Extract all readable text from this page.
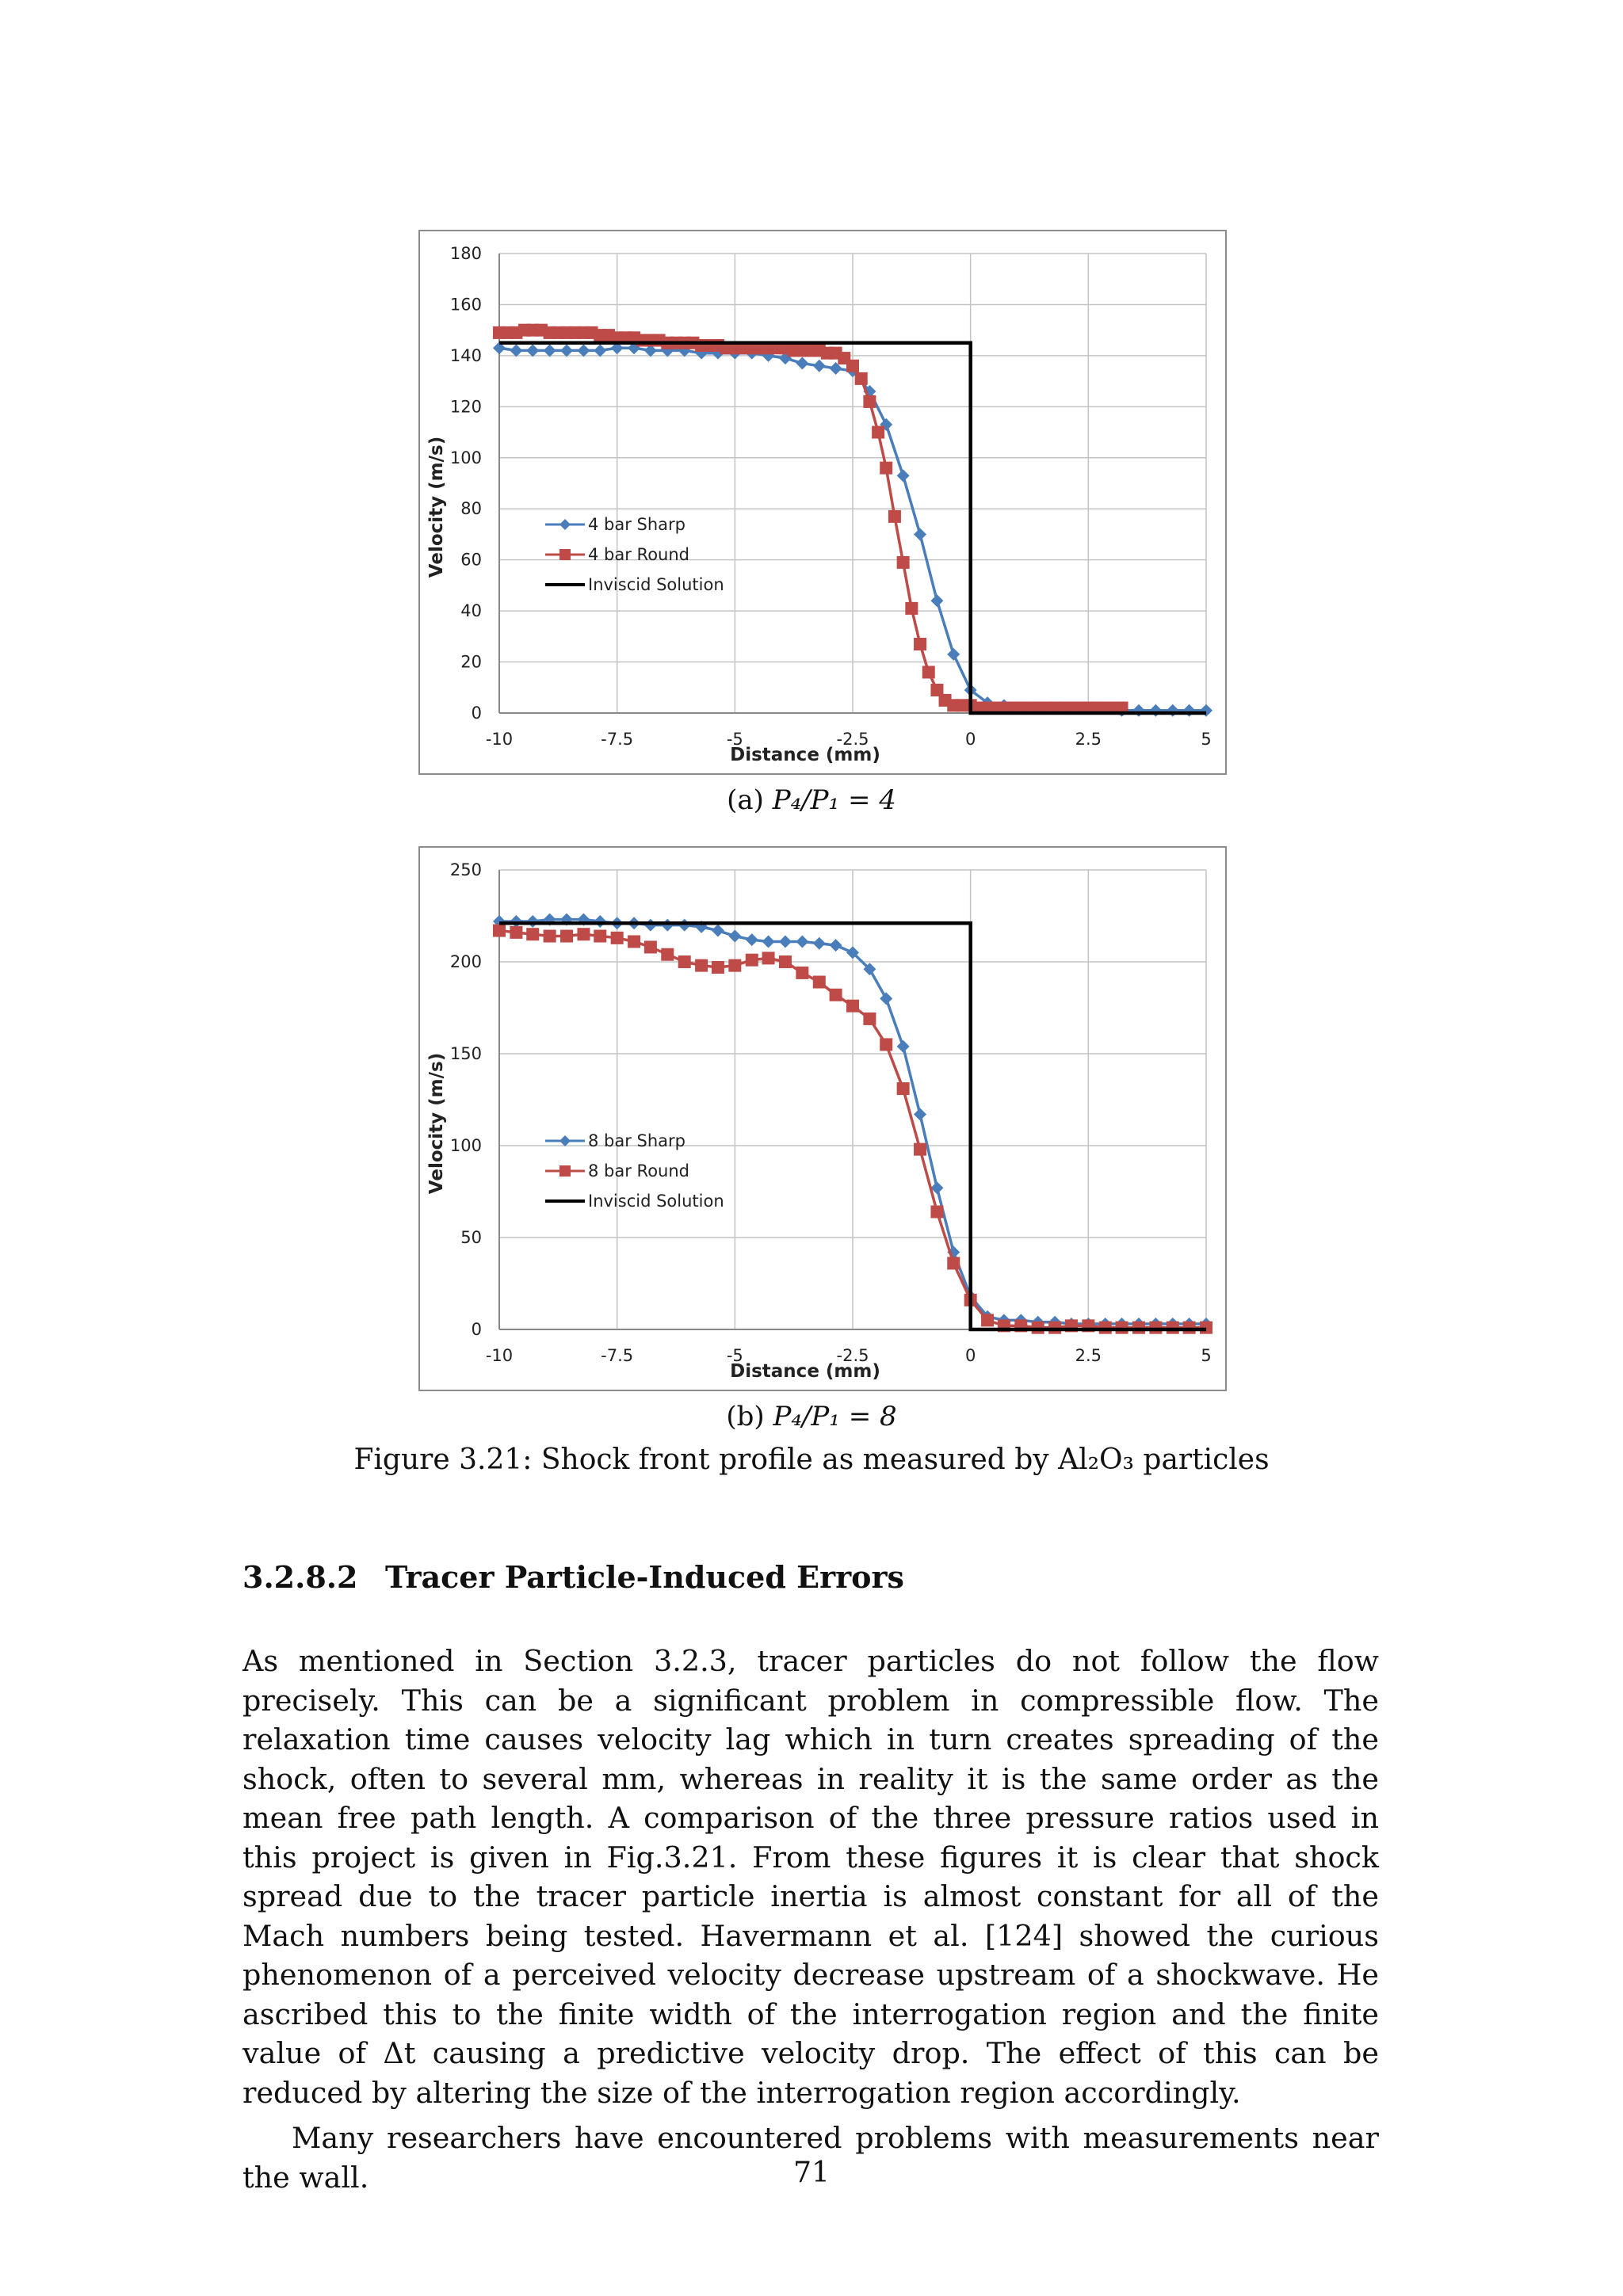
0
20
40
60
80
100
120
140
160
180
-10	-7.5	-5	-2.5	0	2.5	5
Distance (mm)
Velocity (m/s)	4 bar Sharp
4 bar Round
Inviscid Solution
(a) P₄/P₁ = 4
0
50
100
150
200
250
-10	-7.5	-5	-2.5	0	2.5	5
Distance (mm)
Velocity (m/s)	8 bar Sharp
8 bar Round
Inviscid Solution
(b) P₄/P₁ = 8
Figure 3.21: Shock front profile as measured by Al₂O₃ particles
3.2.8.2 Tracer Particle-Induced Errors

As mentioned in Section 3.2.3, tracer particles do not follow the flow precisely. This can be a significant problem in compressible flow. The relaxation time causes velocity lag which in turn creates spreading of the shock, often to several mm, whereas in reality it is the same order as the mean free path length. A comparison of the three pressure ratios used in this project is given in Fig.3.21. From these figures it is clear that shock spread due to the tracer particle inertia is almost constant for all of the Mach numbers being tested. Havermann et al. [124] showed the curious phenomenon of a perceived velocity decrease upstream of a shockwave. He ascribed this to the finite width of the interrogation region and the finite value of Δt causing a predictive velocity drop. The effect of this can be reduced by altering the size of the interrogation region accordingly.

Many researchers have encountered problems with measurements near the wall.	71
